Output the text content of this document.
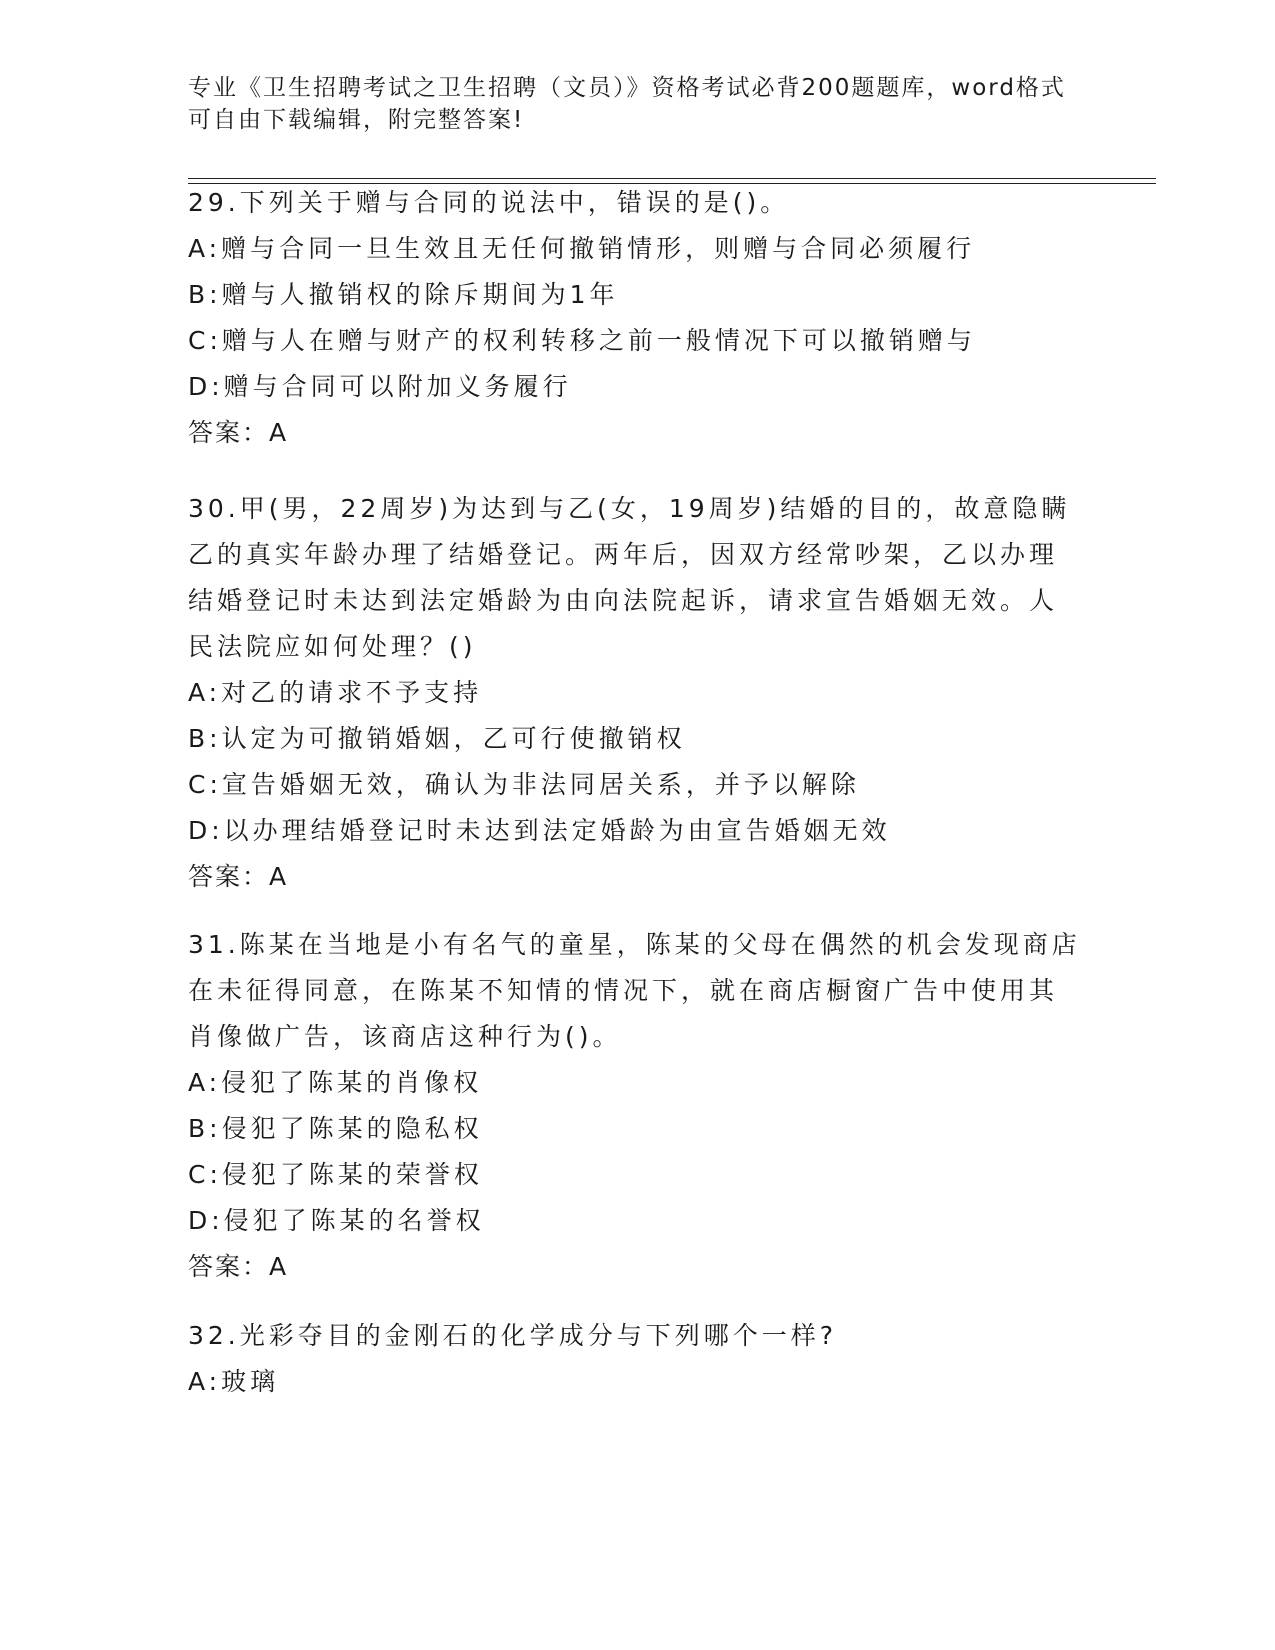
专业《卫生招聘考试之卫生招聘（文员）》资格考试必背200题题库，word格式
可自由下载编辑，附完整答案!
29.下列关于赠与合同的说法中，错误的是()。
A:赠与合同一旦生效且无任何撤销情形，则赠与合同必须履行
B:赠与人撤销权的除斥期间为1年
C:赠与人在赠与财产的权利转移之前一般情况下可以撤销赠与
D:赠与合同可以附加义务履行
答案：A
30.甲(男，22周岁)为达到与乙(女，19周岁)结婚的目的，故意隐瞒
乙的真实年龄办理了结婚登记。两年后，因双方经常吵架，乙以办理
结婚登记时未达到法定婚龄为由向法院起诉，请求宣告婚姻无效。人
民法院应如何处理？()
A:对乙的请求不予支持
B:认定为可撤销婚姻，乙可行使撤销权
C:宣告婚姻无效，确认为非法同居关系，并予以解除
D:以办理结婚登记时未达到法定婚龄为由宣告婚姻无效
答案：A
31.陈某在当地是小有名气的童星，陈某的父母在偶然的机会发现商店
在未征得同意，在陈某不知情的情况下，就在商店橱窗广告中使用其
肖像做广告，该商店这种行为()。
A:侵犯了陈某的肖像权
B:侵犯了陈某的隐私权
C:侵犯了陈某的荣誉权
D:侵犯了陈某的名誉权
答案：A
32.光彩夺目的金刚石的化学成分与下列哪个一样?
A:玻璃
